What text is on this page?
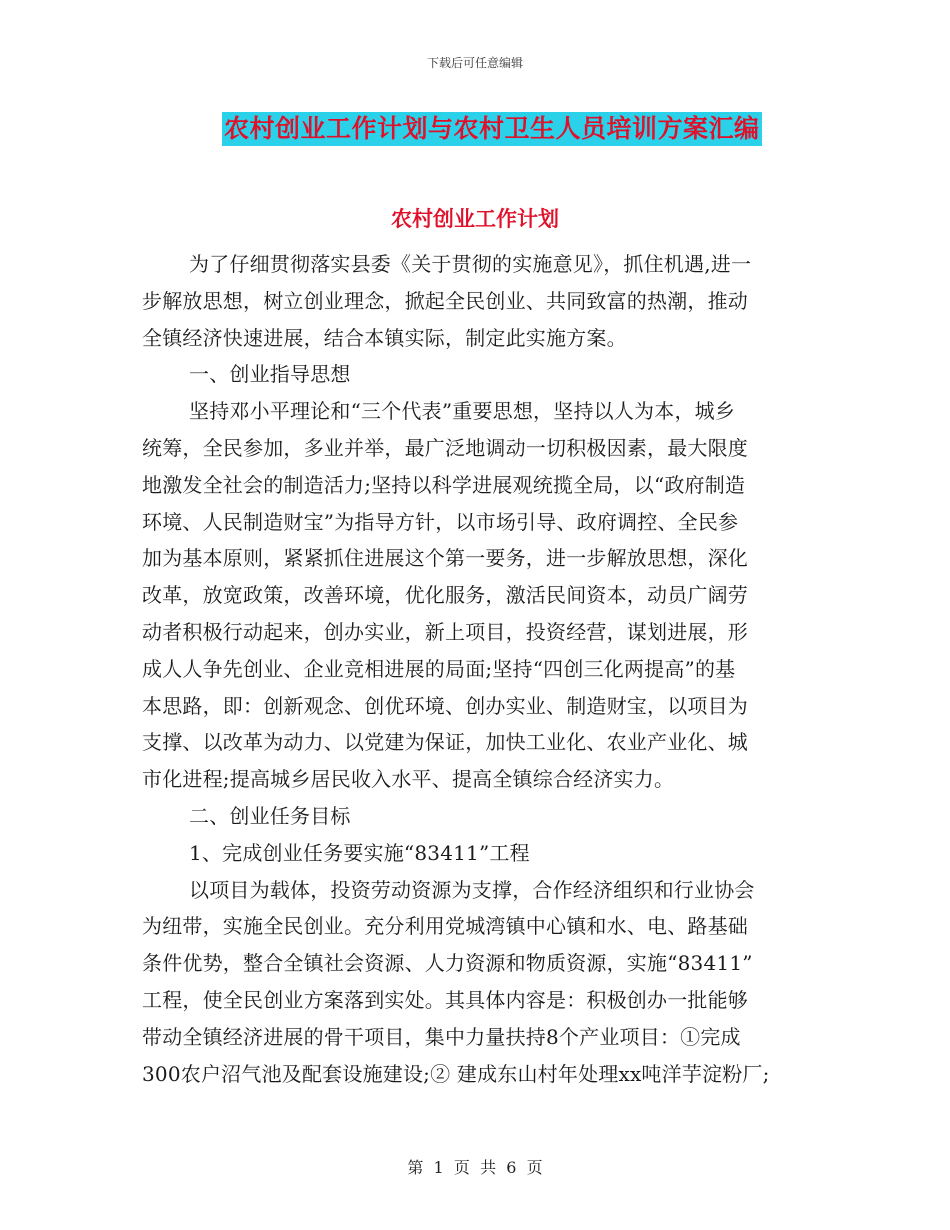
下载后可任意编辑
农村创业工作计划与农村卫生人员培训方案汇编
农村创业工作计划
为了仔细贯彻落实县委《关于贯彻的实施意见》，抓住机遇,进一
步解放思想，树立创业理念，掀起全民创业、共同致富的热潮，推动
全镇经济快速进展，结合本镇实际，制定此实施方案。
一、创业指导思想
坚持邓小平理论和“三个代表”重要思想，坚持以人为本，城乡
统筹，全民参加，多业并举，最广泛地调动一切积极因素，最大限度
地激发全社会的制造活力;坚持以科学进展观统揽全局，以“政府制造
环境、人民制造财宝”为指导方针，以市场引导、政府调控、全民参
加为基本原则，紧紧抓住进展这个第一要务，进一步解放思想，深化
改革，放宽政策，改善环境，优化服务，激活民间资本，动员广阔劳
动者积极行动起来，创办实业，新上项目，投资经营，谋划进展，形
成人人争先创业、企业竞相进展的局面;坚持“四创三化两提高”的基
本思路，即：创新观念、创优环境、创办实业、制造财宝，以项目为
支撑、以改革为动力、以党建为保证，加快工业化、农业产业化、城
市化进程;提高城乡居民收入水平、提高全镇综合经济实力。
二、创业任务目标
1、完成创业任务要实施“83411”工程
以项目为载体，投资劳动资源为支撑，合作经济组织和行业协会
为纽带，实施全民创业。充分利用党城湾镇中心镇和水、电、路基础
条件优势，整合全镇社会资源、人力资源和物质资源，实施“83411”
工程，使全民创业方案落到实处。其具体内容是：积极创办一批能够
带动全镇经济进展的骨干项目，集中力量扶持8个产业项目：①完成
300农户沼气池及配套设施建设;② 建成东山村年处理xx吨洋芋淀粉厂;
第  1  页  共  6  页
